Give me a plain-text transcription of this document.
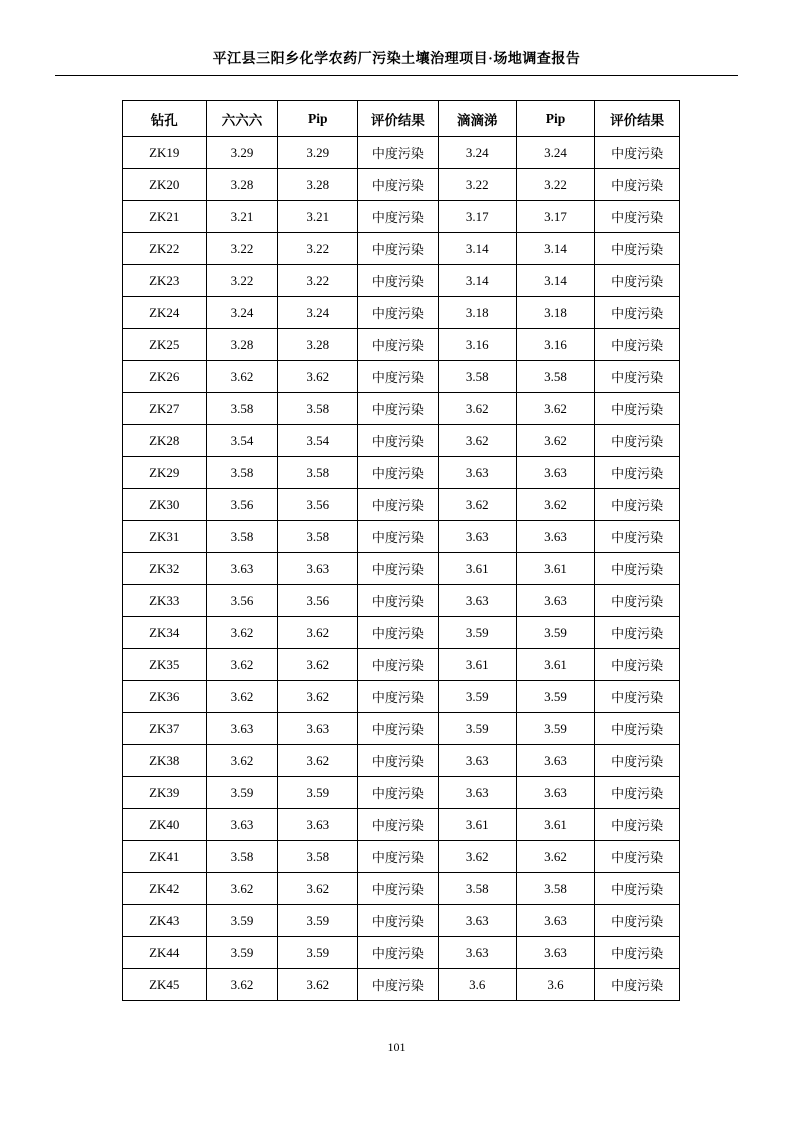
平江县三阳乡化学农药厂污染土壤治理项目·场地调查报告
钻孔	六六六	Pip	评价结果	滴滴涕	Pip	评价结果
ZK19	3.29	3.29	中度污染	3.24	3.24	中度污染
ZK20	3.28	3.28	中度污染	3.22	3.22	中度污染
ZK21	3.21	3.21	中度污染	3.17	3.17	中度污染
ZK22	3.22	3.22	中度污染	3.14	3.14	中度污染
ZK23	3.22	3.22	中度污染	3.14	3.14	中度污染
ZK24	3.24	3.24	中度污染	3.18	3.18	中度污染
ZK25	3.28	3.28	中度污染	3.16	3.16	中度污染
ZK26	3.62	3.62	中度污染	3.58	3.58	中度污染
ZK27	3.58	3.58	中度污染	3.62	3.62	中度污染
ZK28	3.54	3.54	中度污染	3.62	3.62	中度污染
ZK29	3.58	3.58	中度污染	3.63	3.63	中度污染
ZK30	3.56	3.56	中度污染	3.62	3.62	中度污染
ZK31	3.58	3.58	中度污染	3.63	3.63	中度污染
ZK32	3.63	3.63	中度污染	3.61	3.61	中度污染
ZK33	3.56	3.56	中度污染	3.63	3.63	中度污染
ZK34	3.62	3.62	中度污染	3.59	3.59	中度污染
ZK35	3.62	3.62	中度污染	3.61	3.61	中度污染
ZK36	3.62	3.62	中度污染	3.59	3.59	中度污染
ZK37	3.63	3.63	中度污染	3.59	3.59	中度污染
ZK38	3.62	3.62	中度污染	3.63	3.63	中度污染
ZK39	3.59	3.59	中度污染	3.63	3.63	中度污染
ZK40	3.63	3.63	中度污染	3.61	3.61	中度污染
ZK41	3.58	3.58	中度污染	3.62	3.62	中度污染
ZK42	3.62	3.62	中度污染	3.58	3.58	中度污染
ZK43	3.59	3.59	中度污染	3.63	3.63	中度污染
ZK44	3.59	3.59	中度污染	3.63	3.63	中度污染
ZK45	3.62	3.62	中度污染	3.6	3.6	中度污染
101
